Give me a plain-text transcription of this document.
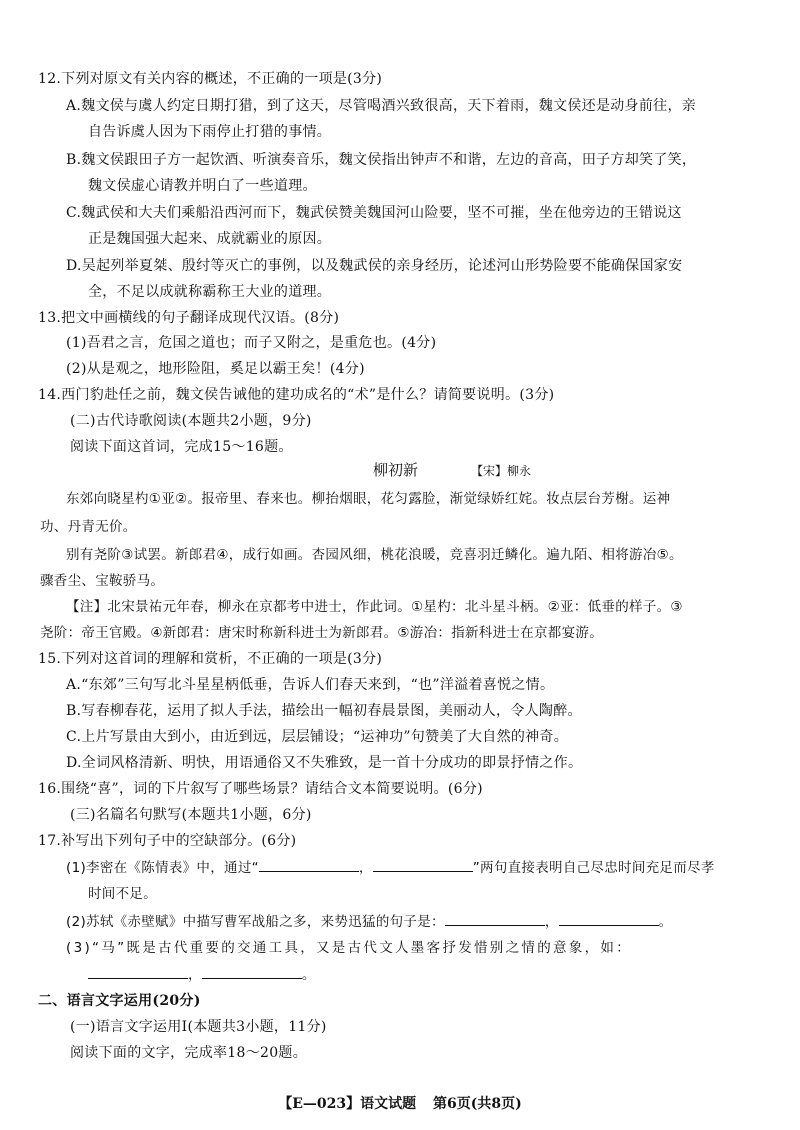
12.下列对原文有关内容的概述，不正确的一项是(3分)
A.魏文侯与虞人约定日期打猎，到了这天，尽管喝酒兴致很高，天下着雨，魏文侯还是动身前往，亲
自告诉虞人因为下雨停止打猎的事情。
B.魏文侯跟田子方一起饮酒、听演奏音乐，魏文侯指出钟声不和谐，左边的音高，田子方却笑了笑，
魏文侯虚心请教并明白了一些道理。
C.魏武侯和大夫们乘船沿西河而下，魏武侯赞美魏国河山险要，坚不可摧，坐在他旁边的王错说这
正是魏国强大起来、成就霸业的原因。
D.吴起列举夏桀、殷纣等灭亡的事例，以及魏武侯的亲身经历，论述河山形势险要不能确保国家安
全，不足以成就称霸称王大业的道理。
13.把文中画横线的句子翻译成现代汉语。(8分)
(1)吾君之言，危国之道也；而子又附之，是重危也。(4分)
(2)从是观之，地形险阻，奚足以霸王矣！(4分)
14.西门豹赴任之前，魏文侯告诫他的建功成名的“术”是什么？请简要说明。(3分)
(二)古代诗歌阅读(本题共2小题，9分)
阅读下面这首词，完成15～16题。
柳初新	【宋】柳永
东郊向晓星杓①亚②。报帝里、春来也。柳抬烟眼，花匀露脸，渐觉绿娇红姹。妆点层台芳榭。运神
功、丹青无价。
别有尧阶③试罢。新郎君④，成行如画。杏园风细，桃花浪暖，竞喜羽迁鳞化。遍九陌、相将游冶⑤。
骤香尘、宝鞍骄马。
【注】北宋景祐元年春，柳永在京都考中进士，作此词。①星杓：北斗星斗柄。②亚：低垂的样子。③
尧阶：帝王官殿。④新郎君：唐宋时称新科进士为新郎君。⑤游冶：指新科进士在京都宴游。
15.下列对这首词的理解和赏析，不正确的一项是(3分)
A.“东郊”三句写北斗星星柄低垂，告诉人们春天来到，“也”洋溢着喜悦之情。
B.写春柳春花，运用了拟人手法，描绘出一幅初春晨景图，美丽动人，令人陶醉。
C.上片写景由大到小，由近到远，层层铺设；“运神功”句赞美了大自然的神奇。
D.全词风格清新、明快，用语通俗又不失雅致，是一首十分成功的即景抒情之作。
16.围绕“喜”，词的下片叙写了哪些场景？请结合文本简要说明。(6分)
(三)名篇名句默写(本题共1小题，6分)
17.补写出下列句子中的空缺部分。(6分)
(1)李密在《陈情表》中，通过“	，	”两句直接表明自己尽忠时间充足而尽孝
时间不足。
(2)苏轼《赤壁赋》中描写曹军战船之多，来势迅猛的句子是：	，	。
(3)“马”既是古代重要的交通工具，又是古代文人墨客抒发惜别之情的意象，如：
，	。
二、语言文字运用(20分)
(一)语言文字运用Ⅰ(本题共3小题，11分)
阅读下面的文字，完成率18～20题。
【E—023】语文试题 第6页(共8页)
